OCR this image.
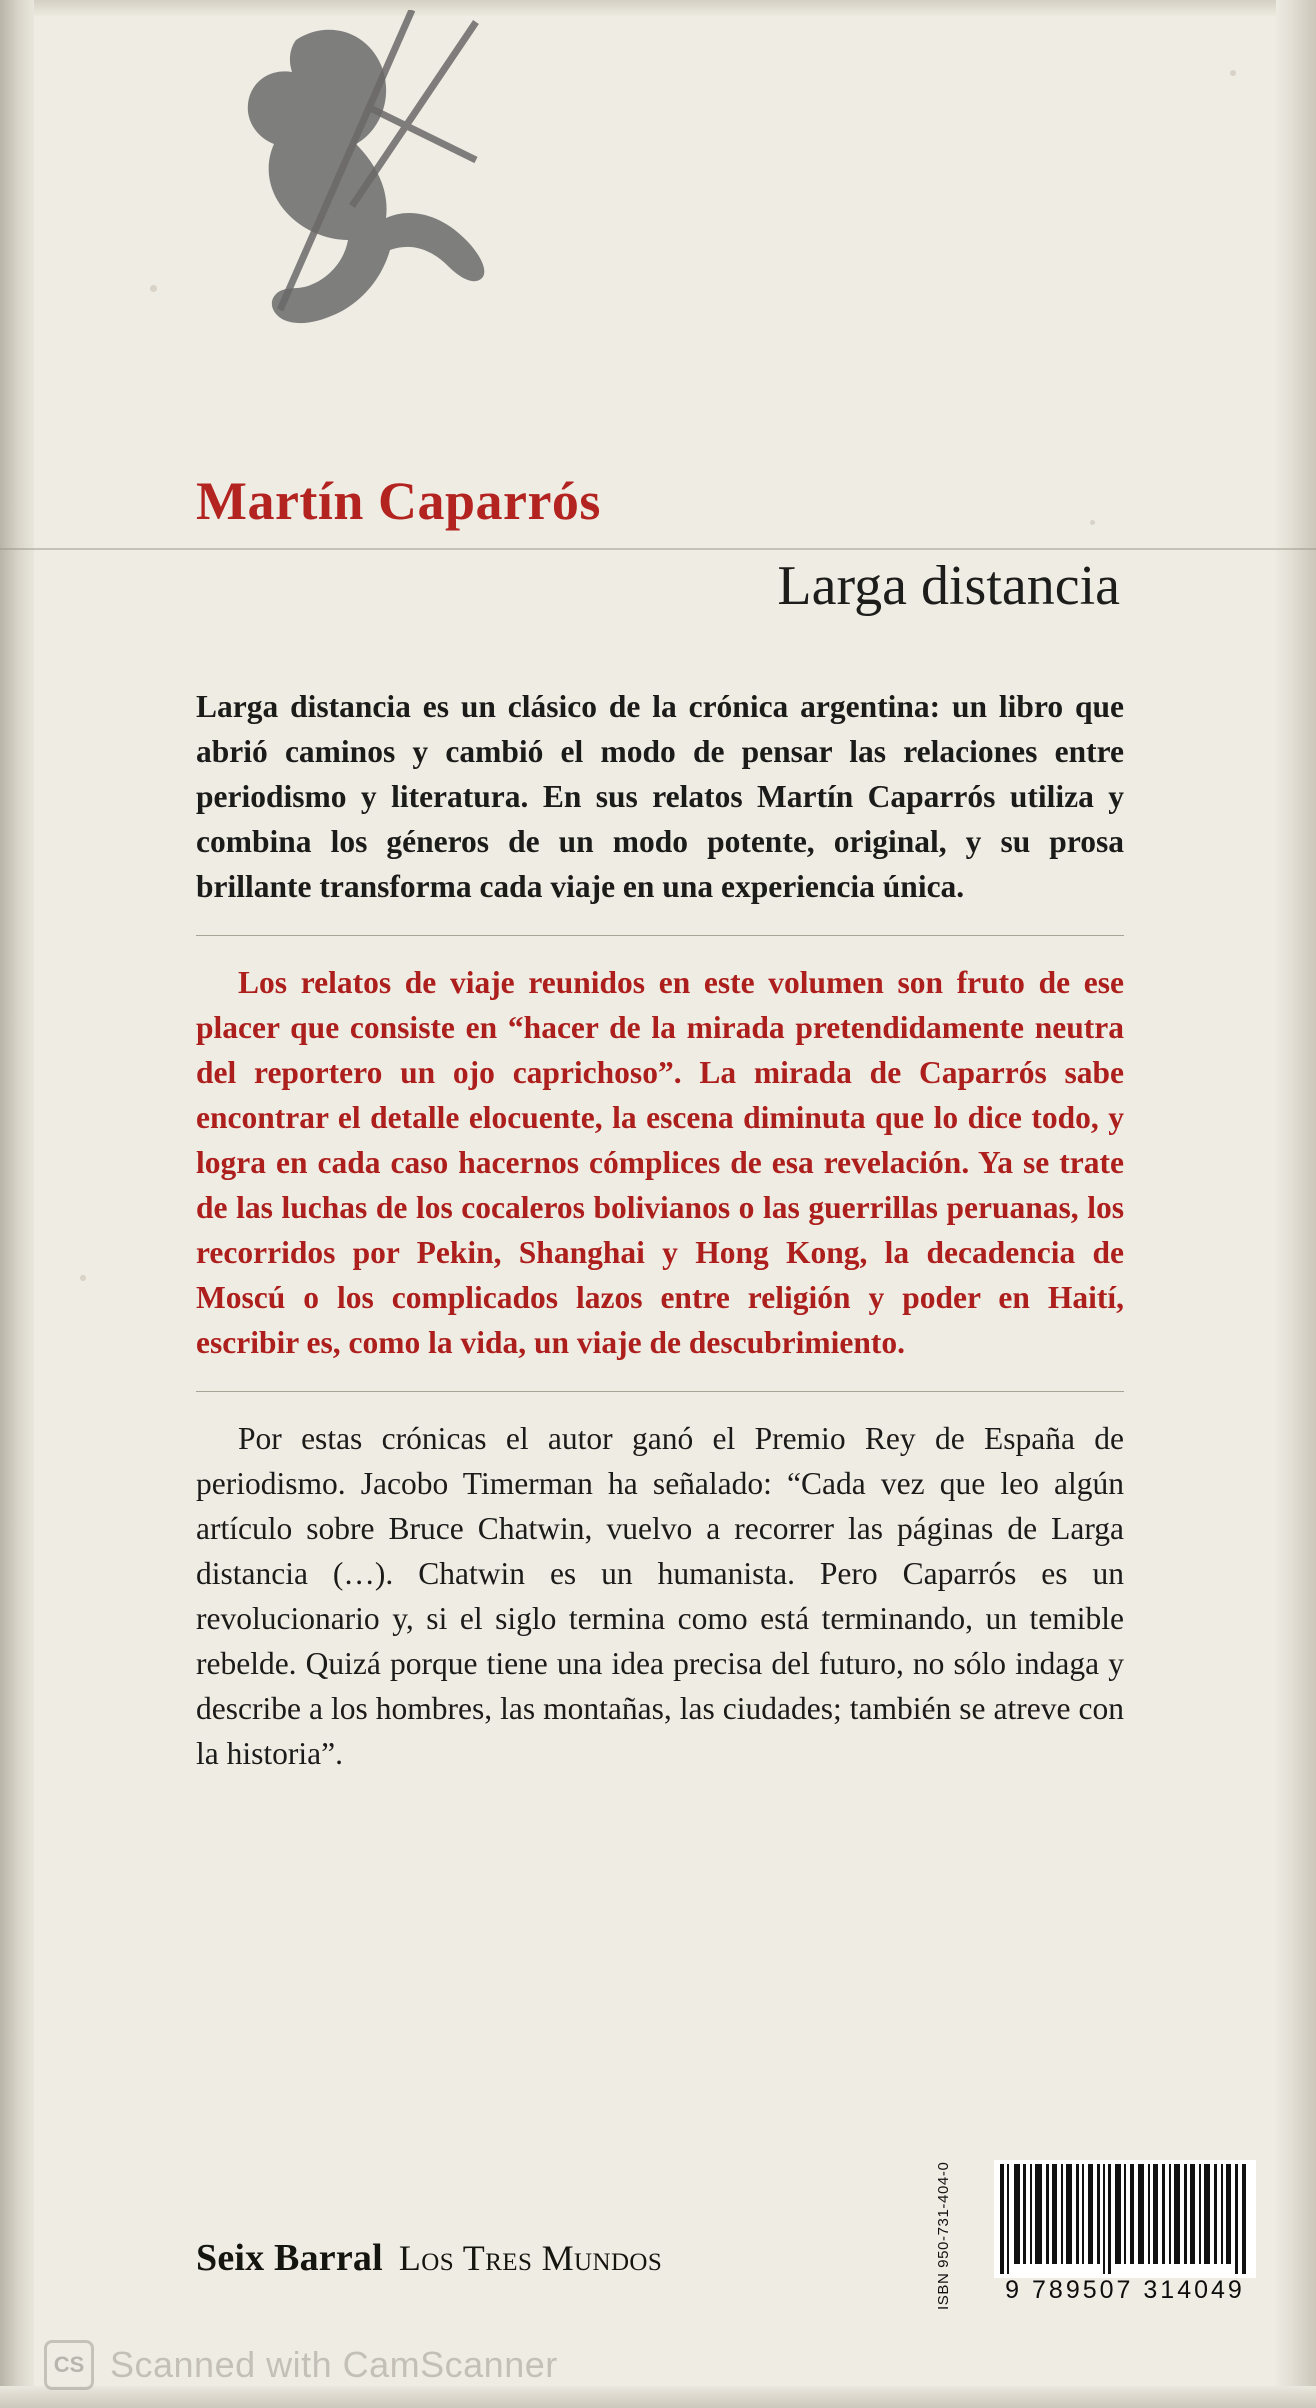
Martín Caparrós
Larga distancia

Larga distancia es un clásico de la crónica argentina: un libro que abrió caminos y cambió el modo de pensar las relaciones entre periodismo y literatura. En sus relatos Martín Caparrós utiliza y combina los géneros de un modo potente, original, y su prosa brillante transforma cada viaje en una experiencia única.

Los relatos de viaje reunidos en este volumen son fruto de ese placer que consiste en “hacer de la mirada pretendidamente neutra del reportero un ojo caprichoso”. La mirada de Caparrós sabe encontrar el detalle elocuente, la escena diminuta que lo dice todo, y logra en cada caso hacernos cómplices de esa revelación. Ya se trate de las luchas de los cocaleros bolivianos o las guerrillas peruanas, los recorridos por Pekin, Shanghai y Hong Kong, la decadencia de Moscú o los complicados lazos entre religión y poder en Haití, escribir es, como la vida, un viaje de descubrimiento.

Por estas crónicas el autor ganó el Premio Rey de España de periodismo. Jacobo Timerman ha señalado: “Cada vez que leo algún artículo sobre Bruce Chatwin, vuelvo a recorrer las páginas de Larga distancia (…). Chatwin es un humanista. Pero Caparrós es un revolucionario y, si el siglo termina como está terminando, un temible rebelde. Quizá porque tiene una idea precisa del futuro, no sólo indaga y describe a los hombres, las montañas, las ciudades; también se atreve con la historia”.

Seix Barral Los Tres Mundos	ISBN 950-731-404-0	9 789507 314049
CS Scanned with CamScanner
